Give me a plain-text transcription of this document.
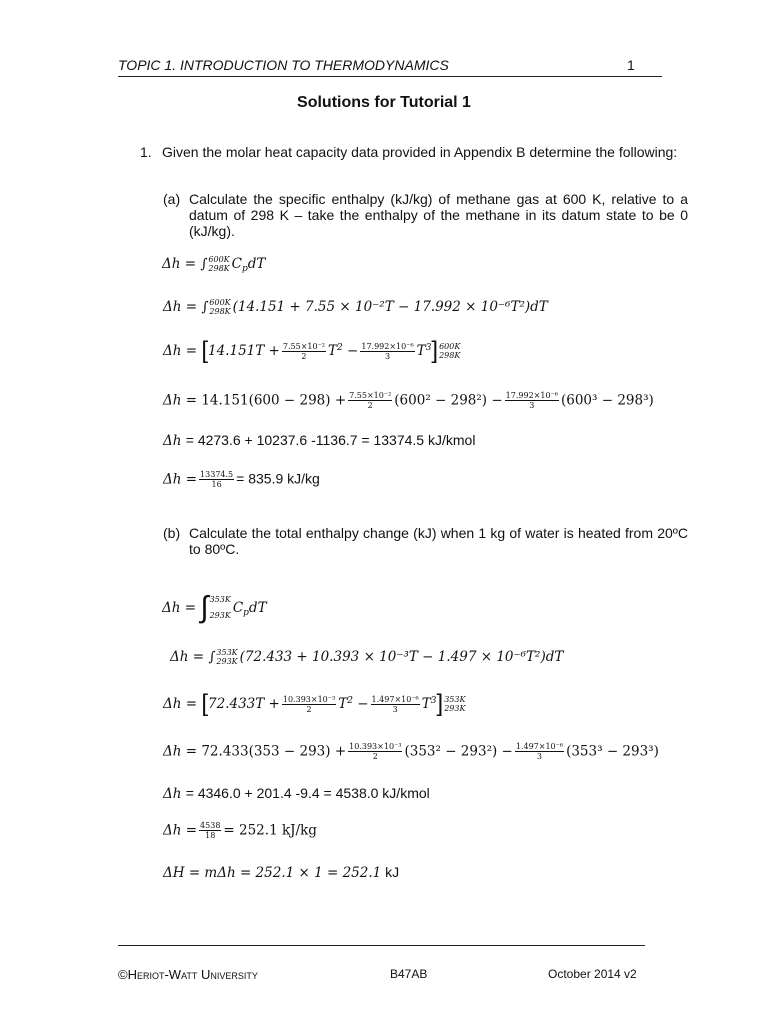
TOPIC 1. INTRODUCTION TO THERMODYNAMICS	1
Solutions for Tutorial 1
1. Given the molar heat capacity data provided in Appendix B determine the following:
(a) Calculate the specific enthalpy (kJ/kg) of methane gas at 600 K, relative to a datum of 298 K – take the enthalpy of the methane in its datum state to be 0 (kJ/kg).
Δh = ∫ 600K
298K $C_pdT$
Δh = ∫ 600K
298K (14.151 + 7.55 × 10⁻²T − 17.992 × 10⁻⁶T²)dT
$\Delta h = [14.151T + \frac{\text{7.55×10⁻²}}{2} T^2 - \frac{\text{17.992×10⁻⁶}}{3} T^3]$ 600K
298K
$\Delta h = 14.151(600 - 298) + \frac{\text{7.55×10⁻²}}{2} (600^2 - 298^2) - \frac{\text{17.992×10⁻⁶}}{3} (600^3 - 298^3)$
Δh = 4273.6 + 10237.6 -1136.7 = 13374.5 kJ/kmol
$\Delta h = \frac{13374.5}{16} = 835.9$ kJ/kg
(b) Calculate the total enthalpy change (kJ) when 1 kg of water is heated from 20ºC to 80ºC.
Δh = ∫ 353K
293K $C_pdT$
Δh = ∫ 353K
293K (72.433 + 10.393 × 10⁻³T − 1.497 × 10⁻⁶T²)dT
$\Delta h = [72.433T + \frac{\text{10.393×10⁻³}}{2} T^2 - \frac{\text{1.497×10⁻⁶}}{3} T^3]$ 353K
293K
$\Delta h = 72.433(353 - 293) + \frac{\text{10.393×10⁻³}}{2} (353^2 - 293^2) - \frac{\text{1.497×10⁻⁶}}{3} (353^3 - 293^3)$
Δh = 4346.0 + 201.4 -9.4 = 4538.0 kJ/kmol
$\Delta h = \frac{4538}{18} = 252.1$ kJ/kg
ΔH = mΔh = 252.1 × 1 = 252.1 kJ
©Heriot-Watt University	B47AB	October 2014 v2
